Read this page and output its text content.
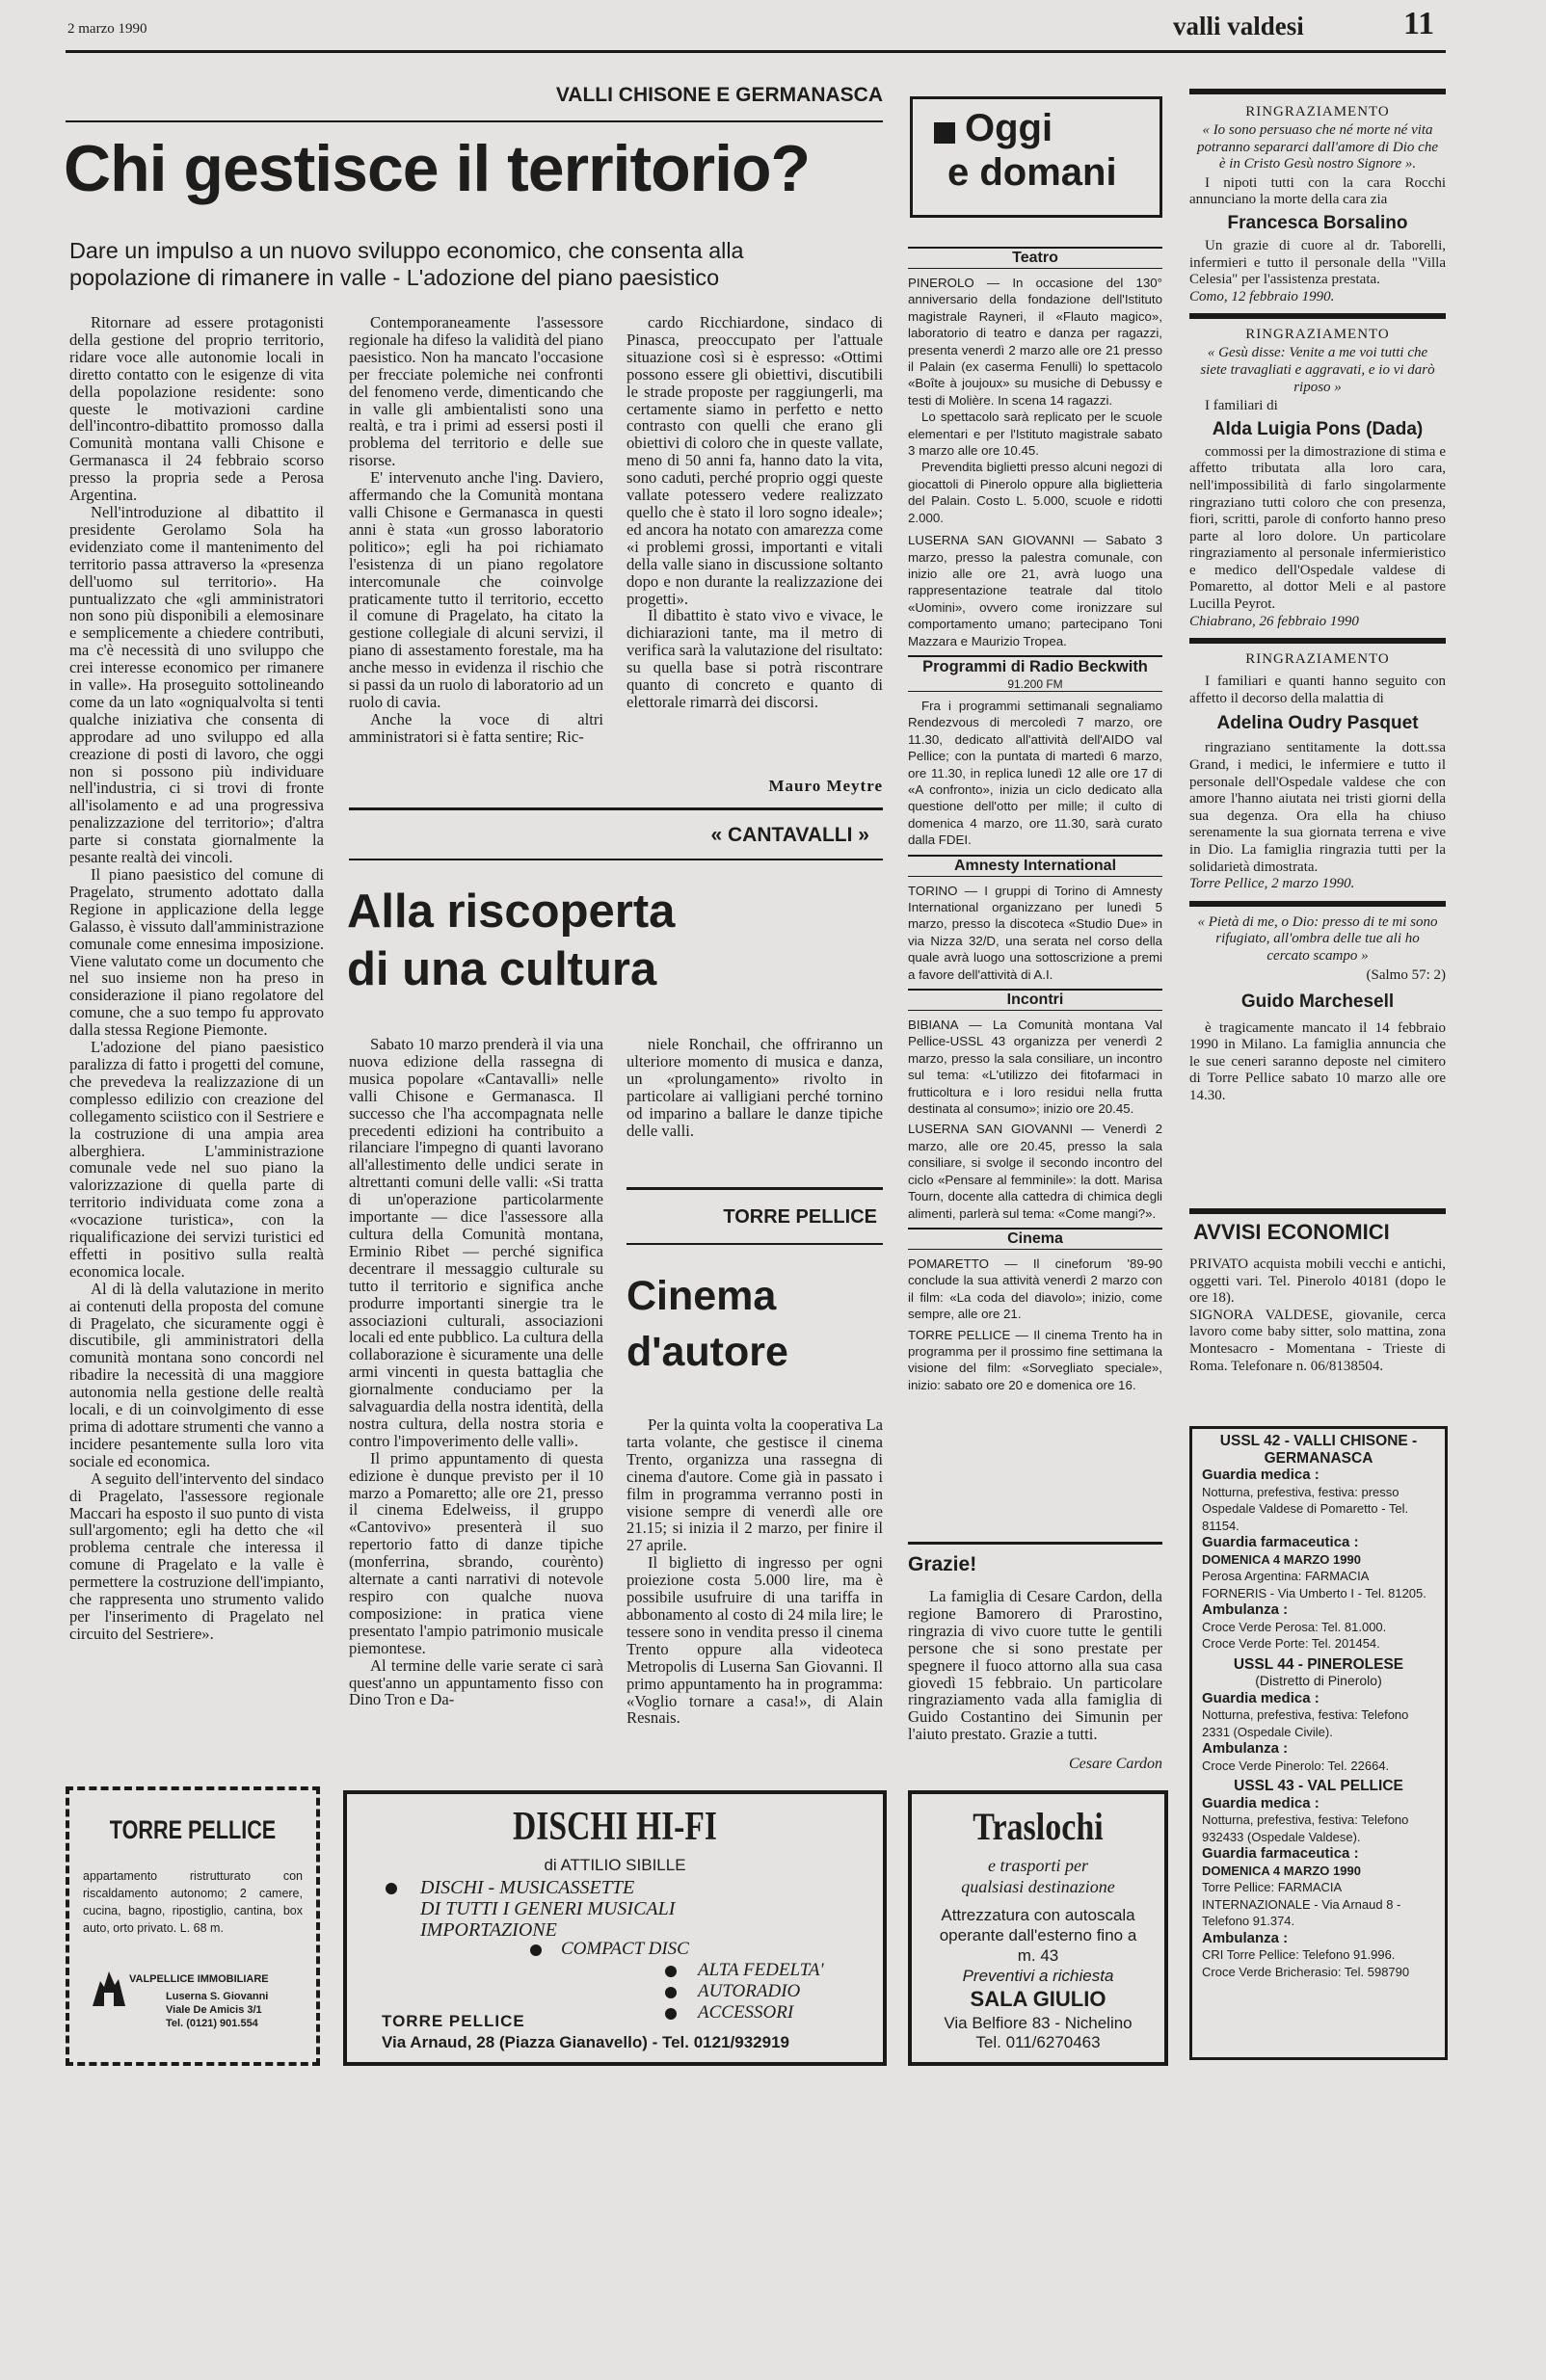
2 marzo 1990	valli valdesi	11
VALLI CHISONE E GERMANASCA
Chi gestisce il territorio?
Dare un impulso a un nuovo sviluppo economico, che consenta alla
popolazione di rimanere in valle - L'adozione del piano paesistico

Ritornare ad essere protagonisti della gestione del proprio territorio, ridare voce alle autonomie locali in diretto contatto con le esigenze di vita della popolazione residente: sono queste le motivazioni cardine dell'incontro-dibattito promosso dalla Comunità montana valli Chisone e Germanasca il 24 febbraio scorso presso la propria sede a Perosa Argentina.

Nell'introduzione al dibattito il presidente Gerolamo Sola ha evidenziato come il mantenimento del territorio passa attraverso la «presenza dell'uomo sul territorio». Ha puntualizzato che «gli amministratori non sono più disponibili a elemosinare e semplicemente a chiedere contributi, ma c'è necessità di uno sviluppo che crei interesse economico per rimanere in valle». Ha proseguito sottolineando come da un lato «ogniqualvolta si tenti qualche iniziativa che consenta di approdare ad uno sviluppo ed alla creazione di posti di lavoro, che oggi non si possono più individuare nell'industria, ci si trovi di fronte all'isolamento e ad una progressiva penalizzazione del territorio»; d'altra parte si constata giornalmente la pesante realtà dei vincoli.

Il piano paesistico del comune di Pragelato, strumento adottato dalla Regione in applicazione della legge Galasso, è vissuto dall'amministrazione comunale come ennesima imposizione. Viene valutato come un documento che nel suo insieme non ha preso in considerazione il piano regolatore del comune, che a suo tempo fu approvato dalla stessa Regione Piemonte.

L'adozione del piano paesistico paralizza di fatto i progetti del comune, che prevedeva la realizzazione di un complesso edilizio con creazione del collegamento sciistico con il Sestriere e la costruzione di una ampia area alberghiera. L'amministrazione comunale vede nel suo piano la valorizzazione di quella parte di territorio individuata come zona a «vocazione turistica», con la riqualificazione dei servizi turistici ed effetti in positivo sulla realtà economica locale.

Al di là della valutazione in merito ai contenuti della proposta del comune di Pragelato, che sicuramente oggi è discutibile, gli amministratori della comunità montana sono concordi nel ribadire la necessità di una maggiore autonomia nella gestione delle realtà locali, e di un coinvolgimento di esse prima di adottare strumenti che vanno a incidere pesantemente sulla loro vita sociale ed economica.

A seguito dell'intervento del sindaco di Pragelato, l'assessore regionale Maccari ha esposto il suo punto di vista sull'argomento; egli ha detto che «il problema centrale che interessa il comune di Pragelato e la valle è permettere la costruzione dell'impianto, che rappresenta uno strumento valido per l'inserimento di Pragelato nel circuito del Sestriere».

Contemporaneamente l'assessore regionale ha difeso la validità del piano paesistico. Non ha mancato l'occasione per frecciate polemiche nei confronti del fenomeno verde, dimenticando che in valle gli ambientalisti sono una realtà, e tra i primi ad essersi posti il problema del territorio e delle sue risorse.

E' intervenuto anche l'ing. Daviero, affermando che la Comunità montana valli Chisone e Germanasca in questi anni è stata «un grosso laboratorio politico»; egli ha poi richiamato l'esistenza di un piano regolatore intercomunale che coinvolge praticamente tutto il territorio, eccetto il comune di Pragelato, ha citato la gestione collegiale di alcuni servizi, il piano di assestamento forestale, ma ha anche messo in evidenza il rischio che si passi da un ruolo di laboratorio ad un ruolo di cavia.

Anche la voce di altri amministratori si è fatta sentire; Ric-

cardo Ricchiardone, sindaco di Pinasca, preoccupato per l'attuale situazione così si è espresso: «Ottimi possono essere gli obiettivi, discutibili le strade proposte per raggiungerli, ma certamente siamo in perfetto e netto contrasto con quelli che erano gli obiettivi di coloro che in queste vallate, meno di 50 anni fa, hanno dato la vita, sono caduti, perché proprio oggi queste vallate potessero vedere realizzato quello che è stato il loro sogno ideale»; ed ancora ha notato con amarezza come «i problemi grossi, importanti e vitali della valle siano in discussione soltanto dopo e non durante la realizzazione dei progetti».

Il dibattito è stato vivo e vivace, le dichiarazioni tante, ma il metro di verifica sarà la valutazione del risultato: su quella base si potrà riscontrare quanto di concreto e quanto di elettorale rimarrà dei discorsi.

Mauro Meytre
« CANTAVALLI »
Alla riscoperta
di una cultura

Sabato 10 marzo prenderà il via una nuova edizione della rassegna di musica popolare «Cantavalli» nelle valli Chisone e Germanasca. Il successo che l'ha accompagnata nelle precedenti edizioni ha contribuito a rilanciare l'impegno di quanti lavorano all'allestimento delle undici serate in altrettanti comuni delle valli: «Si tratta di un'operazione particolarmente importante — dice l'assessore alla cultura della Comunità montana, Erminio Ribet — perché significa decentrare il messaggio culturale su tutto il territorio e significa anche produrre importanti sinergie tra le associazioni culturali, associazioni locali ed ente pubblico. La cultura della collaborazione è sicuramente una delle armi vincenti in questa battaglia che giornalmente conduciamo per la salvaguardia della nostra identità, della nostra cultura, della nostra storia e contro l'impoverimento delle valli».

Il primo appuntamento di questa edizione è dunque previsto per il 10 marzo a Pomaretto; alle ore 21, presso il cinema Edelweiss, il gruppo «Cantovivo» presenterà il suo repertorio fatto di danze tipiche (monferrina, sbrando, courènto) alternate a canti narrativi di notevole respiro con qualche nuova composizione: in pratica viene presentato l'ampio patrimonio musicale piemontese.

Al termine delle varie serate ci sarà quest'anno un appuntamento fisso con Dino Tron e Da-

niele Ronchail, che offriranno un ulteriore momento di musica e danza, un «prolungamento» rivolto in particolare ai valligiani perché tornino od imparino a ballare le danze tipiche delle valli.

TORRE PELLICE
Cinema
d'autore

Per la quinta volta la cooperativa La tarta volante, che gestisce il cinema Trento, organizza una rassegna di cinema d'autore. Come già in passato i film in programma verranno posti in visione sempre di venerdì alle ore 21.15; si inizia il 2 marzo, per finire il 27 aprile.

Il biglietto di ingresso per ogni proiezione costa 5.000 lire, ma è possibile usufruire di una tariffa in abbonamento al costo di 24 mila lire; le tessere sono in vendita presso il cinema Trento oppure alla videoteca Metropolis di Luserna San Giovanni. Il primo appuntamento ha in programma: «Voglio tornare a casa!», di Alain Resnais.

Oggi
e domani
Teatro

PINEROLO — In occasione del 130° anniversario della fondazione dell'Istituto magistrale Rayneri, il «Flauto magico», laboratorio di teatro e danza per ragazzi, presenta venerdì 2 marzo alle ore 21 presso il Palain (ex caserma Fenulli) lo spettacolo «Boîte à joujoux» su musiche di Debussy e testi di Molière. In scena 14 ragazzi.

Lo spettacolo sarà replicato per le scuole elementari e per l'Istituto magistrale sabato 3 marzo alle ore 10.45.

Prevendita biglietti presso alcuni negozi di giocattoli di Pinerolo oppure alla biglietteria del Palain. Costo L. 5.000, scuole e ridotti 2.000.

LUSERNA SAN GIOVANNI — Sabato 3 marzo, presso la palestra comunale, con inizio alle ore 21, avrà luogo una rappresentazione teatrale dal titolo «Uomini», ovvero come ironizzare sul comportamento umano; partecipano Toni Mazzara e Maurizio Tropea.

Programmi di Radio Beckwith
91.200 FM

Fra i programmi settimanali segnaliamo Rendezvous di mercoledì 7 marzo, ore 11.30, dedicato all'attività dell'AIDO val Pellice; con la puntata di martedì 6 marzo, ore 11.30, in replica lunedì 12 alle ore 17 di «A confronto», inizia un ciclo dedicato alla questione dell'otto per mille; il culto di domenica 4 marzo, ore 11.30, sarà curato dalla FDEI.

Amnesty International

TORINO — I gruppi di Torino di Amnesty International organizzano per lunedì 5 marzo, presso la discoteca «Studio Due» in via Nizza 32/D, una serata nel corso della quale avrà luogo una sottoscrizione a premi a favore dell'attività di A.I.

Incontri

BIBIANA — La Comunità montana Val Pellice-USSL 43 organizza per venerdì 2 marzo, presso la sala consiliare, un incontro sul tema: «L'utilizzo dei fitofarmaci in frutticoltura e i loro residui nella frutta destinata al consumo»; inizio ore 20.45.

LUSERNA SAN GIOVANNI — Venerdì 2 marzo, alle ore 20.45, presso la sala consiliare, si svolge il secondo incontro del ciclo «Pensare al femminile»: la dott. Marisa Tourn, docente alla cattedra di chimica degli alimenti, parlerà sul tema: «Come mangi?».

Cinema

POMARETTO — Il cineforum '89-90 conclude la sua attività venerdì 2 marzo con il film: «La coda del diavolo»; inizio, come sempre, alle ore 21.

TORRE PELLICE — Il cinema Trento ha in programma per il prossimo fine settimana la visione del film: «Sorvegliato speciale», inizio: sabato ore 20 e domenica ore 16.

Grazie!

La famiglia di Cesare Cardon, della regione Bamorero di Prarostino, ringrazia di vivo cuore tutte le gentili persone che si sono prestate per spegnere il fuoco attorno alla sua casa giovedì 15 febbraio. Un particolare ringraziamento vada alla famiglia di Guido Costantino dei Simunin per l'aiuto prestato. Grazie a tutti.

Cesare Cardon
RINGRAZIAMENTO

« Io sono persuaso che né morte né vita potranno separarci dall'amore di Dio che è in Cristo Gesù nostro Signore ».

I nipoti tutti con la cara Rocchi annunciano la morte della cara zia

Francesca Borsalino

Un grazie di cuore al dr. Taborelli, infermieri e tutto il personale della "Villa Celesia" per l'assistenza prestata.

Como, 12 febbraio 1990.

RINGRAZIAMENTO

« Gesù disse: Venite a me voi tutti che siete travagliati e aggravati, e io vi darò riposo »

I familiari di

Alda Luigia Pons (Dada)

commossi per la dimostrazione di stima e affetto tributata alla loro cara, nell'impossibilità di farlo singolarmente ringraziano tutti coloro che con presenza, fiori, scritti, parole di conforto hanno preso parte al loro dolore. Un particolare ringraziamento al personale infermieristico e medico dell'Ospedale valdese di Pomaretto, al dottor Meli e al pastore Lucilla Peyrot.

Chiabrano, 26 febbraio 1990

RINGRAZIAMENTO

I familiari e quanti hanno seguito con affetto il decorso della malattia di

Adelina Oudry Pasquet

ringraziano sentitamente la dott.ssa Grand, i medici, le infermiere e tutto il personale dell'Ospedale valdese che con amore l'hanno aiutata nei tristi giorni della sua degenza. Ora ella ha chiuso serenamente la sua giornata terrena e vive in Dio. La famiglia ringrazia tutti per la solidarietà dimostrata.

Torre Pellice, 2 marzo 1990.

« Pietà di me, o Dio: presso di te mi sono rifugiato, all'ombra delle tue ali ho cercato scampo »

(Salmo 57: 2)
Guido Marchesell

è tragicamente mancato il 14 febbraio 1990 in Milano. La famiglia annuncia che le sue ceneri saranno deposte nel cimitero di Torre Pellice sabato 10 marzo alle ore 14.30.

AVVISI ECONOMICI

PRIVATO acquista mobili vecchi e antichi, oggetti vari. Tel. Pinerolo 40181 (dopo le ore 18).

SIGNORA VALDESE, giovanile, cerca lavoro come baby sitter, solo mattina, zona Montesacro - Momentana - Trieste di Roma. Telefonare n. 06/8138504.

USSL 42 - VALLI CHISONE - GERMANASCA
Guardia medica :
Notturna, prefestiva, festiva: presso Ospedale Valdese di Pomaretto - Tel. 81154.
Guardia farmaceutica :
DOMENICA 4 MARZO 1990
Perosa Argentina: FARMACIA FORNERIS - Via Umberto I - Tel. 81205.
Ambulanza :
Croce Verde Perosa: Tel. 81.000.
Croce Verde Porte: Tel. 201454.
USSL 44 - PINEROLESE
(Distretto di Pinerolo)
Guardia medica :
Notturna, prefestiva, festiva: Telefono 2331 (Ospedale Civile).
Ambulanza :
Croce Verde Pinerolo: Tel. 22664.
USSL 43 - VAL PELLICE
Guardia medica :
Notturna, prefestiva, festiva: Telefono 932433 (Ospedale Valdese).
Guardia farmaceutica :
DOMENICA 4 MARZO 1990
Torre Pellice: FARMACIA INTERNAZIONALE - Via Arnaud 8 - Telefono 91.374.
Ambulanza :
CRI Torre Pellice: Telefono 91.996.
Croce Verde Bricherasio: Tel. 598790
TORRE PELLICE
appartamento ristrutturato con riscaldamento autonomo; 2 camere, cucina, bagno, ripostiglio, cantina, box auto, orto privato. L. 68 m.
VALPELLICE IMMOBILIARE
Luserna S. Giovanni
Viale De Amicis 3/1
Tel. (0121) 901.554
DISCHI HI-FI
di ATTILIO SIBILLE
DISCHI - MUSICASSETTE
DI TUTTI I GENERI MUSICALI
IMPORTAZIONE
COMPACT DISC
ALTA FEDELTA'
AUTORADIO
ACCESSORI
TORRE PELLICE
Via Arnaud, 28 (Piazza Gianavello) - Tel. 0121/932919
Traslochi
e trasporti per
qualsiasi destinazione
Attrezzatura con autoscala
operante dall'esterno fino a
m. 43
Preventivi a richiesta
SALA GIULIO
Via Belfiore 83 - Nichelino
Tel. 011/6270463
